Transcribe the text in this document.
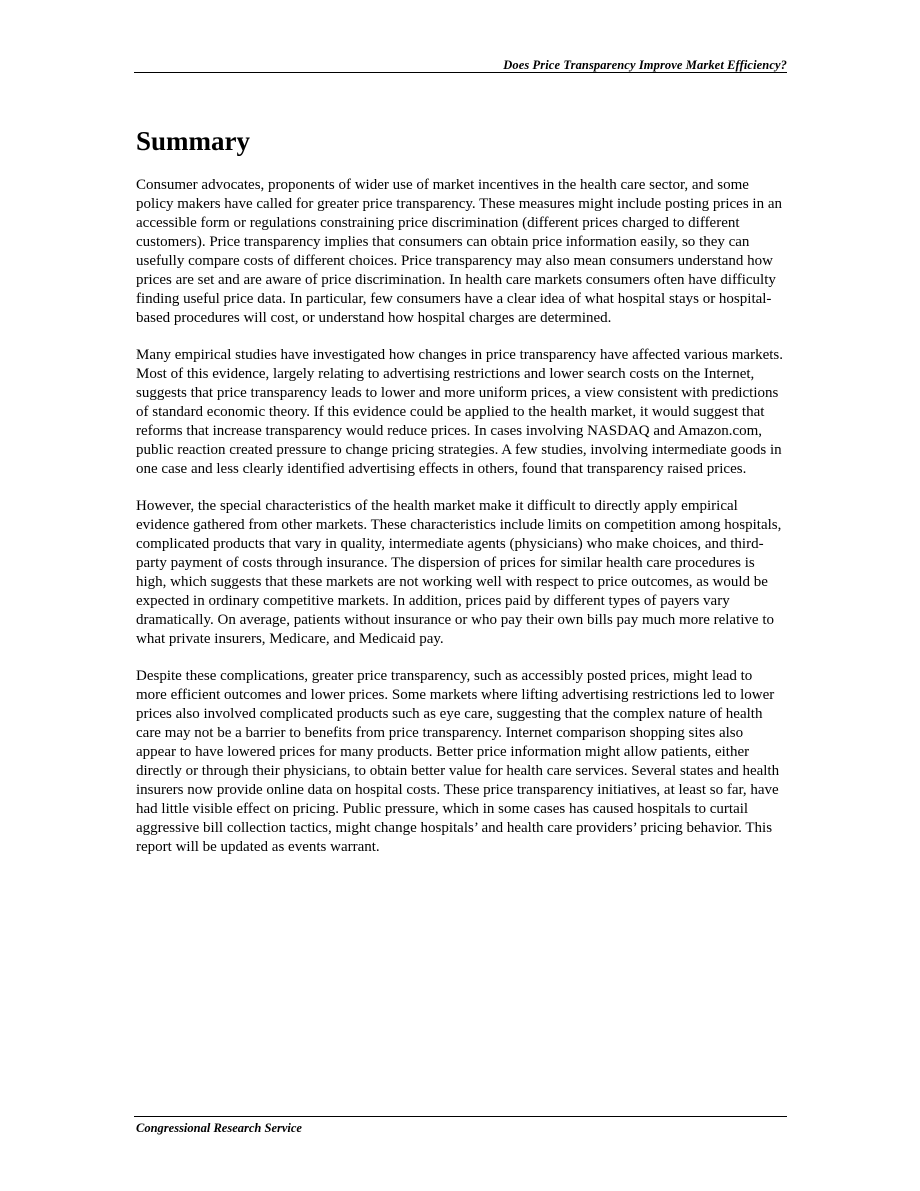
Does Price Transparency Improve Market Efficiency?
Summary

Consumer advocates, proponents of wider use of market incentives in the health care sector, and some policy makers have called for greater price transparency. These measures might include posting prices in an accessible form or regulations constraining price discrimination (different prices charged to different customers). Price transparency implies that consumers can obtain price information easily, so they can usefully compare costs of different choices. Price transparency may also mean consumers understand how prices are set and are aware of price discrimination. In health care markets consumers often have difficulty finding useful price data. In particular, few consumers have a clear idea of what hospital stays or hospital-based procedures will cost, or understand how hospital charges are determined.

Many empirical studies have investigated how changes in price transparency have affected various markets. Most of this evidence, largely relating to advertising restrictions and lower search costs on the Internet, suggests that price transparency leads to lower and more uniform prices, a view consistent with predictions of standard economic theory. If this evidence could be applied to the health market, it would suggest that reforms that increase transparency would reduce prices. In cases involving NASDAQ and Amazon.com, public reaction created pressure to change pricing strategies. A few studies, involving intermediate goods in one case and less clearly identified advertising effects in others, found that transparency raised prices.

However, the special characteristics of the health market make it difficult to directly apply empirical evidence gathered from other markets. These characteristics include limits on competition among hospitals, complicated products that vary in quality, intermediate agents (physicians) who make choices, and third-party payment of costs through insurance. The dispersion of prices for similar health care procedures is high, which suggests that these markets are not working well with respect to price outcomes, as would be expected in ordinary competitive markets. In addition, prices paid by different types of payers vary dramatically. On average, patients without insurance or who pay their own bills pay much more relative to what private insurers, Medicare, and Medicaid pay.

Despite these complications, greater price transparency, such as accessibly posted prices, might lead to more efficient outcomes and lower prices. Some markets where lifting advertising restrictions led to lower prices also involved complicated products such as eye care, suggesting that the complex nature of health care may not be a barrier to benefits from price transparency. Internet comparison shopping sites also appear to have lowered prices for many products. Better price information might allow patients, either directly or through their physicians, to obtain better value for health care services. Several states and health insurers now provide online data on hospital costs. These price transparency initiatives, at least so far, have had little visible effect on pricing. Public pressure, which in some cases has caused hospitals to curtail aggressive bill collection tactics, might change hospitals’ and health care providers’ pricing behavior. This report will be updated as events warrant.

Congressional Research Service
